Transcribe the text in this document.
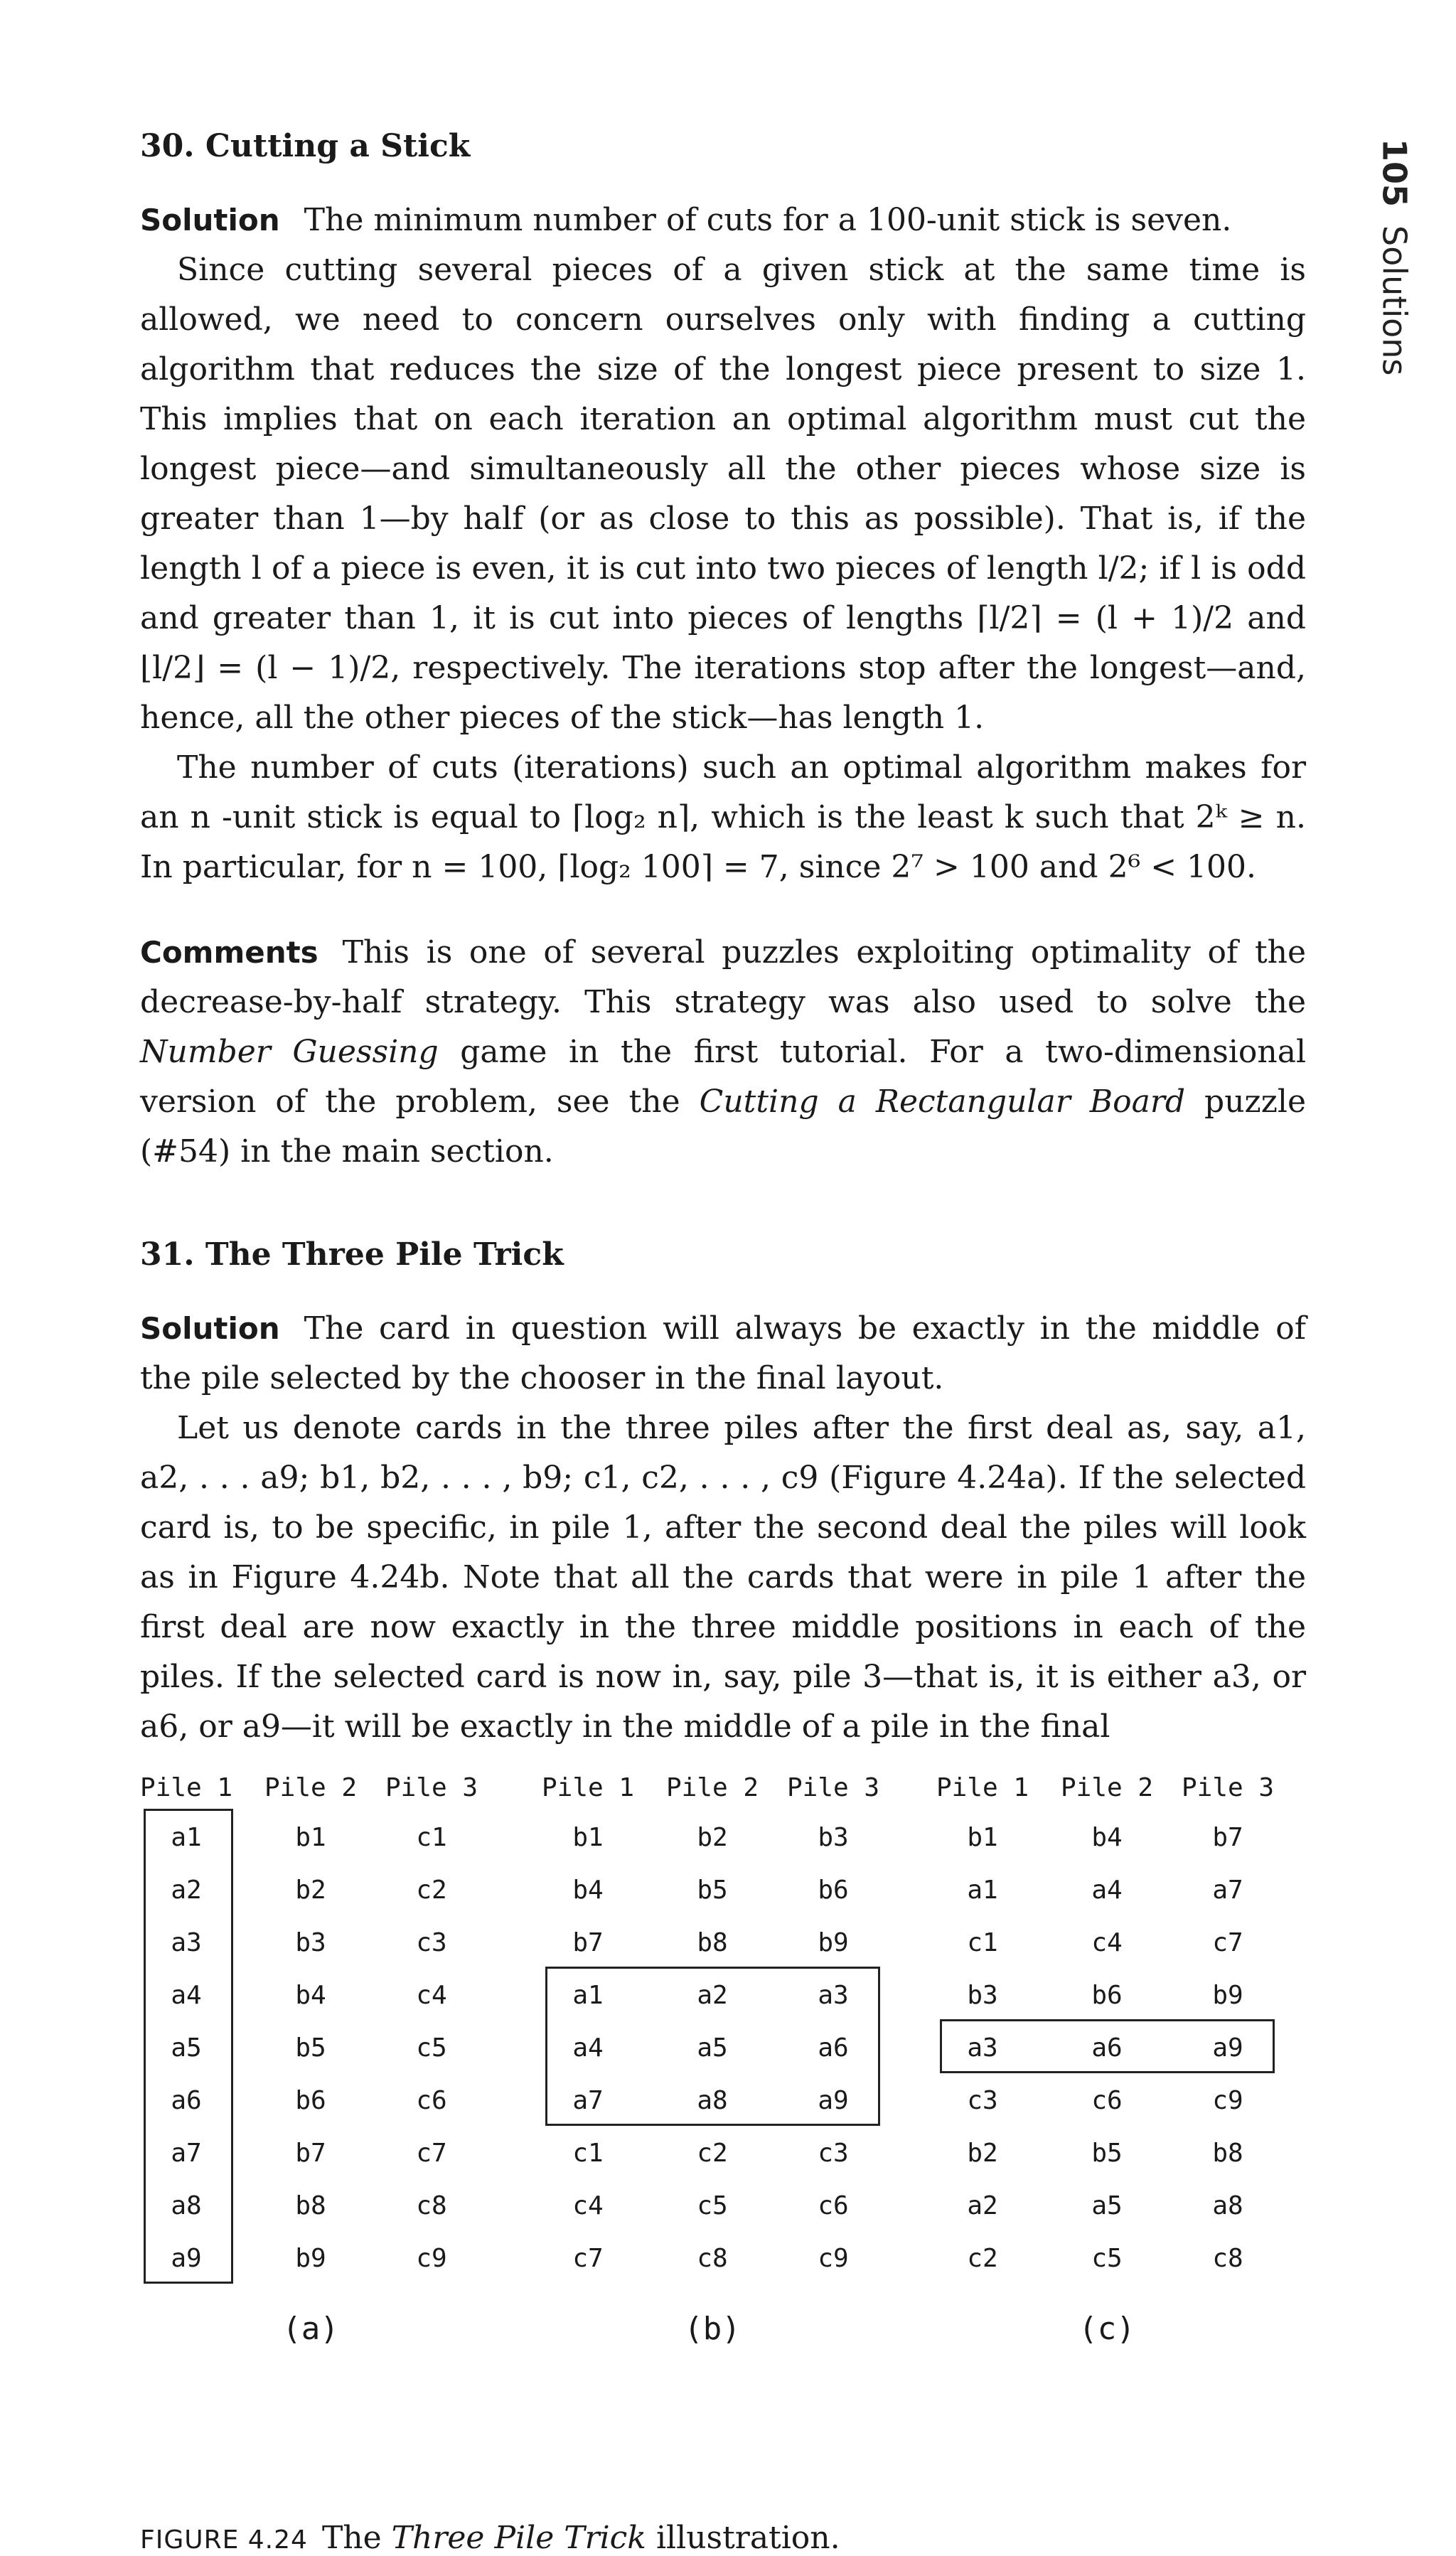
105Solutions
30. Cutting a Stick

Solution The minimum number of cuts for a 100-unit stick is seven.

Since cutting several pieces of a given stick at the same time is allowed, we need to concern ourselves only with finding a cutting algorithm that reduces the size of the longest piece present to size 1. This implies that on each iteration an optimal algorithm must cut the longest piece—and simultaneously all the other pieces whose size is greater than 1—by half (or as close to this as possible). That is, if the length l of a piece is even, it is cut into two pieces of length l/2; if l is odd and greater than 1, it is cut into pieces of lengths ⌈l/2⌉ = (l + 1)/2 and ⌊l/2⌋ = (l − 1)/2, respectively. The iterations stop after the longest—and, hence, all the other pieces of the stick—has length 1.

The number of cuts (iterations) such an optimal algorithm makes for an n -unit stick is equal to ⌈log₂ n⌉, which is the least k such that 2ᵏ ≥ n. In particular, for n = 100, ⌈log₂ 100⌉ = 7, since 2⁷ > 100 and 2⁶ < 100.

Comments This is one of several puzzles exploiting optimality of the decrease-by-half strategy. This strategy was also used to solve the Number Guessing game in the first tutorial. For a two-dimensional version of the problem, see the Cutting a Rectangular Board puzzle (#54) in the main section.

31. The Three Pile Trick

Solution The card in question will always be exactly in the middle of the pile selected by the chooser in the final layout.

Let us denote cards in the three piles after the first deal as, say, a1, a2, . . . a9; b1, b2, . . . , b9; c1, c2, . . . , c9 (Figure 4.24a). If the selected card is, to be specific, in pile 1, after the second deal the piles will look as in Figure 4.24b. Note that all the cards that were in pile 1 after the first deal are now exactly in the three middle positions in each of the piles. If the selected card is now in, say, pile 3—that is, it is either a3, or a6, or a9—it will be exactly in the middle of a pile in the final

FIGURE 4.24 The Three Pile Trick illustration.
Pile 1	Pile 2	Pile 3
a1	b1	c1
a2	b2	c2
a3	b3	c3
a4	b4	c4
a5	b5	c5
a6	b6	c6
a7	b7	c7
a8	b8	c8
a9	b9	c9
(a)
Pile 1	Pile 2	Pile 3
b1	b2	b3
b4	b5	b6
b7	b8	b9
a1	a2	a3
a4	a5	a6
a7	a8	a9
c1	c2	c3
c4	c5	c6
c7	c8	c9
(b)
Pile 1	Pile 2	Pile 3
b1	b4	b7
a1	a4	a7
c1	c4	c7
b3	b6	b9
a3	a6	a9
c3	c6	c9
b2	b5	b8
a2	a5	a8
c2	c5	c8
(c)
